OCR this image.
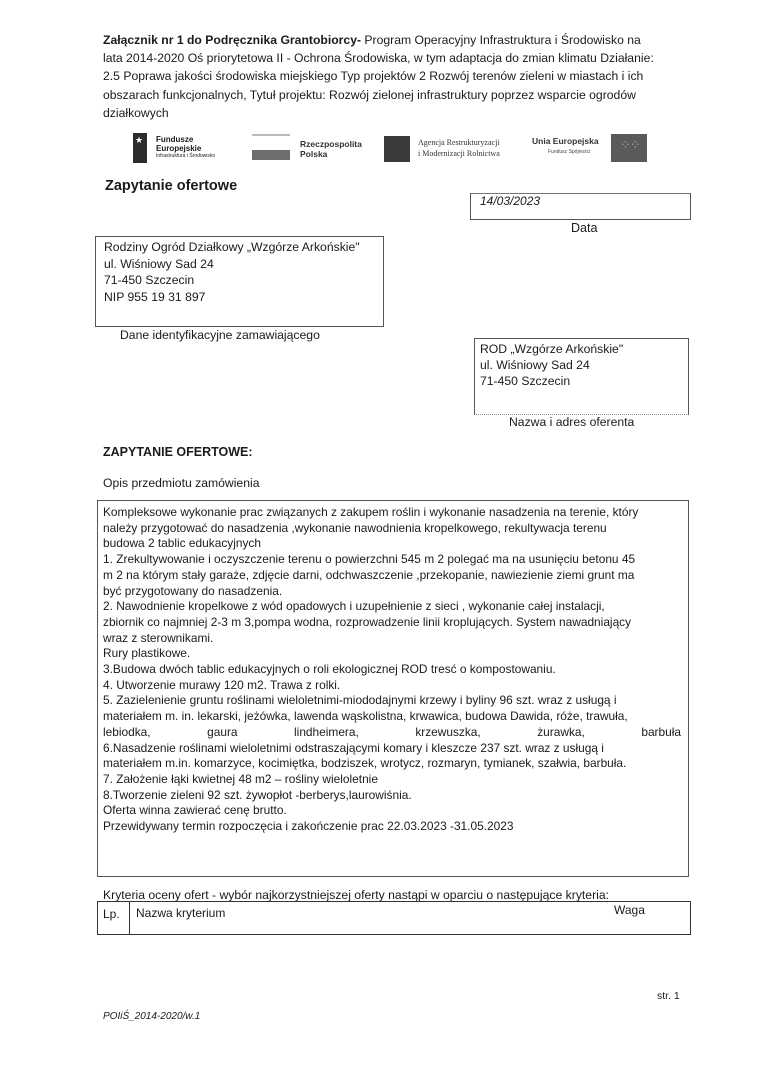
Załącznik nr 1 do Podręcznika Grantobiorcy- Program Operacyjny Infrastruktura i Środowisko na
lata 2014-2020 Oś priorytetowa II - Ochrona Środowiska, w tym adaptacja do zmian klimatu Działanie:
2.5 Poprawa jakości środowiska miejskiego Typ projektów 2 Rozwój terenów zieleni w miastach i ich
obszarach funkcjonalnych, Tytuł projektu: Rozwój zielonej infrastruktury poprzez wsparcie ogrodów
działkowych
★ Fundusze
Europejskie
Infrastruktura i Środowisko
Rzeczpospolita
Polska
Agencja Restrukturyzacji
i Modernizacji Rolnictwa
Unia Europejska
Fundusz Spójności ⁘⁘
Zapytanie ofertowe
14/03/2023
Data
Rodziny Ogród Działkowy „Wzgórze Arkońskie"
ul. Wiśniowy Sad 24
71-450 Szczecin
NIP 955 19 31 897
Dane identyfikacyjne zamawiającego
ROD „Wzgórze Arkońskie"
ul. Wiśniowy Sad 24
71-450 Szczecin
Nazwa i adres oferenta
ZAPYTANIE OFERTOWE:
Opis przedmiotu zamówienia
Kompleksowe wykonanie prac związanych z zakupem roślin i wykonanie nasadzenia na terenie, który
należy przygotować do nasadzenia ,wykonanie nawodnienia kropelkowego, rekultywacja terenu
budowa 2 tablic edukacyjnych
1. Zrekultywowanie i oczyszczenie terenu o powierzchni 545 m 2 polegać ma na usunięciu betonu 45
m 2 na którym stały garaże, zdjęcie darni, odchwaszczenie ,przekopanie, nawiezienie ziemi grunt ma
być przygotowany do nasadzenia.
2. Nawodnienie kropelkowe z wód opadowych i uzupełnienie z sieci , wykonanie całej instalacji,
zbiornik co najmniej 2-3 m 3,pompa wodna, rozprowadzenie linii kroplujących. System nawadniający
wraz z sterownikami.
Rury plastikowe.
3.Budowa dwóch tablic edukacyjnych o roli ekologicznej ROD tresć o kompostowaniu.
4. Utworzenie murawy 120 m2. Trawa z rolki.
5. Zazielenienie gruntu roślinami wieloletnimi-miododajnymi krzewy i byliny 96 szt. wraz z usługą i
materiałem m. in. lekarski, jeżówka, lawenda wąskolistna, krwawica, budowa Dawida, róże, trawuła,
lebiodka,	gaura	lindheimera,	krzewuszka,	żurawka,	barbuła
6.Nasadzenie roślinami wieloletnimi odstraszającymi komary i kleszcze 237 szt. wraz z usługą i
materiałem m.in. komarzyce, kocimiętka, bodziszek, wrotycz, rozmaryn, tymianek, szałwia, barbuła.
7. Założenie łąki kwietnej 48 m2 – rośliny wieloletnie
8.Tworzenie zieleni 92 szt. żywopłot -berberys,laurowiśnia.
Oferta winna zawierać cenę brutto.
Przewidywany termin rozpoczęcia i zakończenie prac 22.03.2023 -31.05.2023
Kryteria oceny ofert - wybór najkorzystniejszej oferty nastąpi w oparciu o następujące kryteria:
Lp. Nazwa kryterium	Waga
str. 1
POIiŚ_2014-2020/w.1
